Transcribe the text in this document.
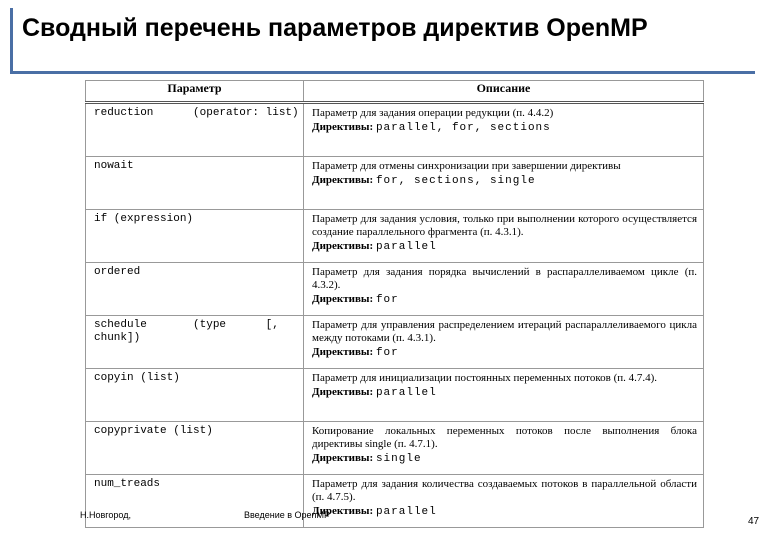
Сводный перечень параметров директив OpenMP
Параметр	Описание
reduction      (operator: list)	Параметр для задания операции редукции (п. 4.4.2)
Директивы: parallel, for, sections

nowait	Параметр для отмены синхронизации при завершении директивы
Директивы: for, sections, single

if (expression)	Параметр для задания условия, только при выполнении которого осуществляется создание параллельного фрагмента (п. 4.3.1).
Директивы: parallel

ordered	Параметр для задания порядка вычислений в распараллеливаемом цикле (п. 4.3.2).
Директивы: for

schedule       (type      [, chunk])	Параметр для управления распределением итераций распараллеливаемого цикла между потоками (п. 4.3.1).
Директивы: for

copyin (list)	Параметр для инициализации постоянных переменных потоков (п. 4.7.4).
Директивы: parallel

copyprivate (list)	Копирование локальных переменных потоков после выполнения блока директивы single (п. 4.7.1).
Директивы: single

num_treads	Параметр для задания количества создаваемых потоков в параллельной области (п. 4.7.5).
Директивы: parallel
Н.Новгород,	Введение в OpenMP
47
